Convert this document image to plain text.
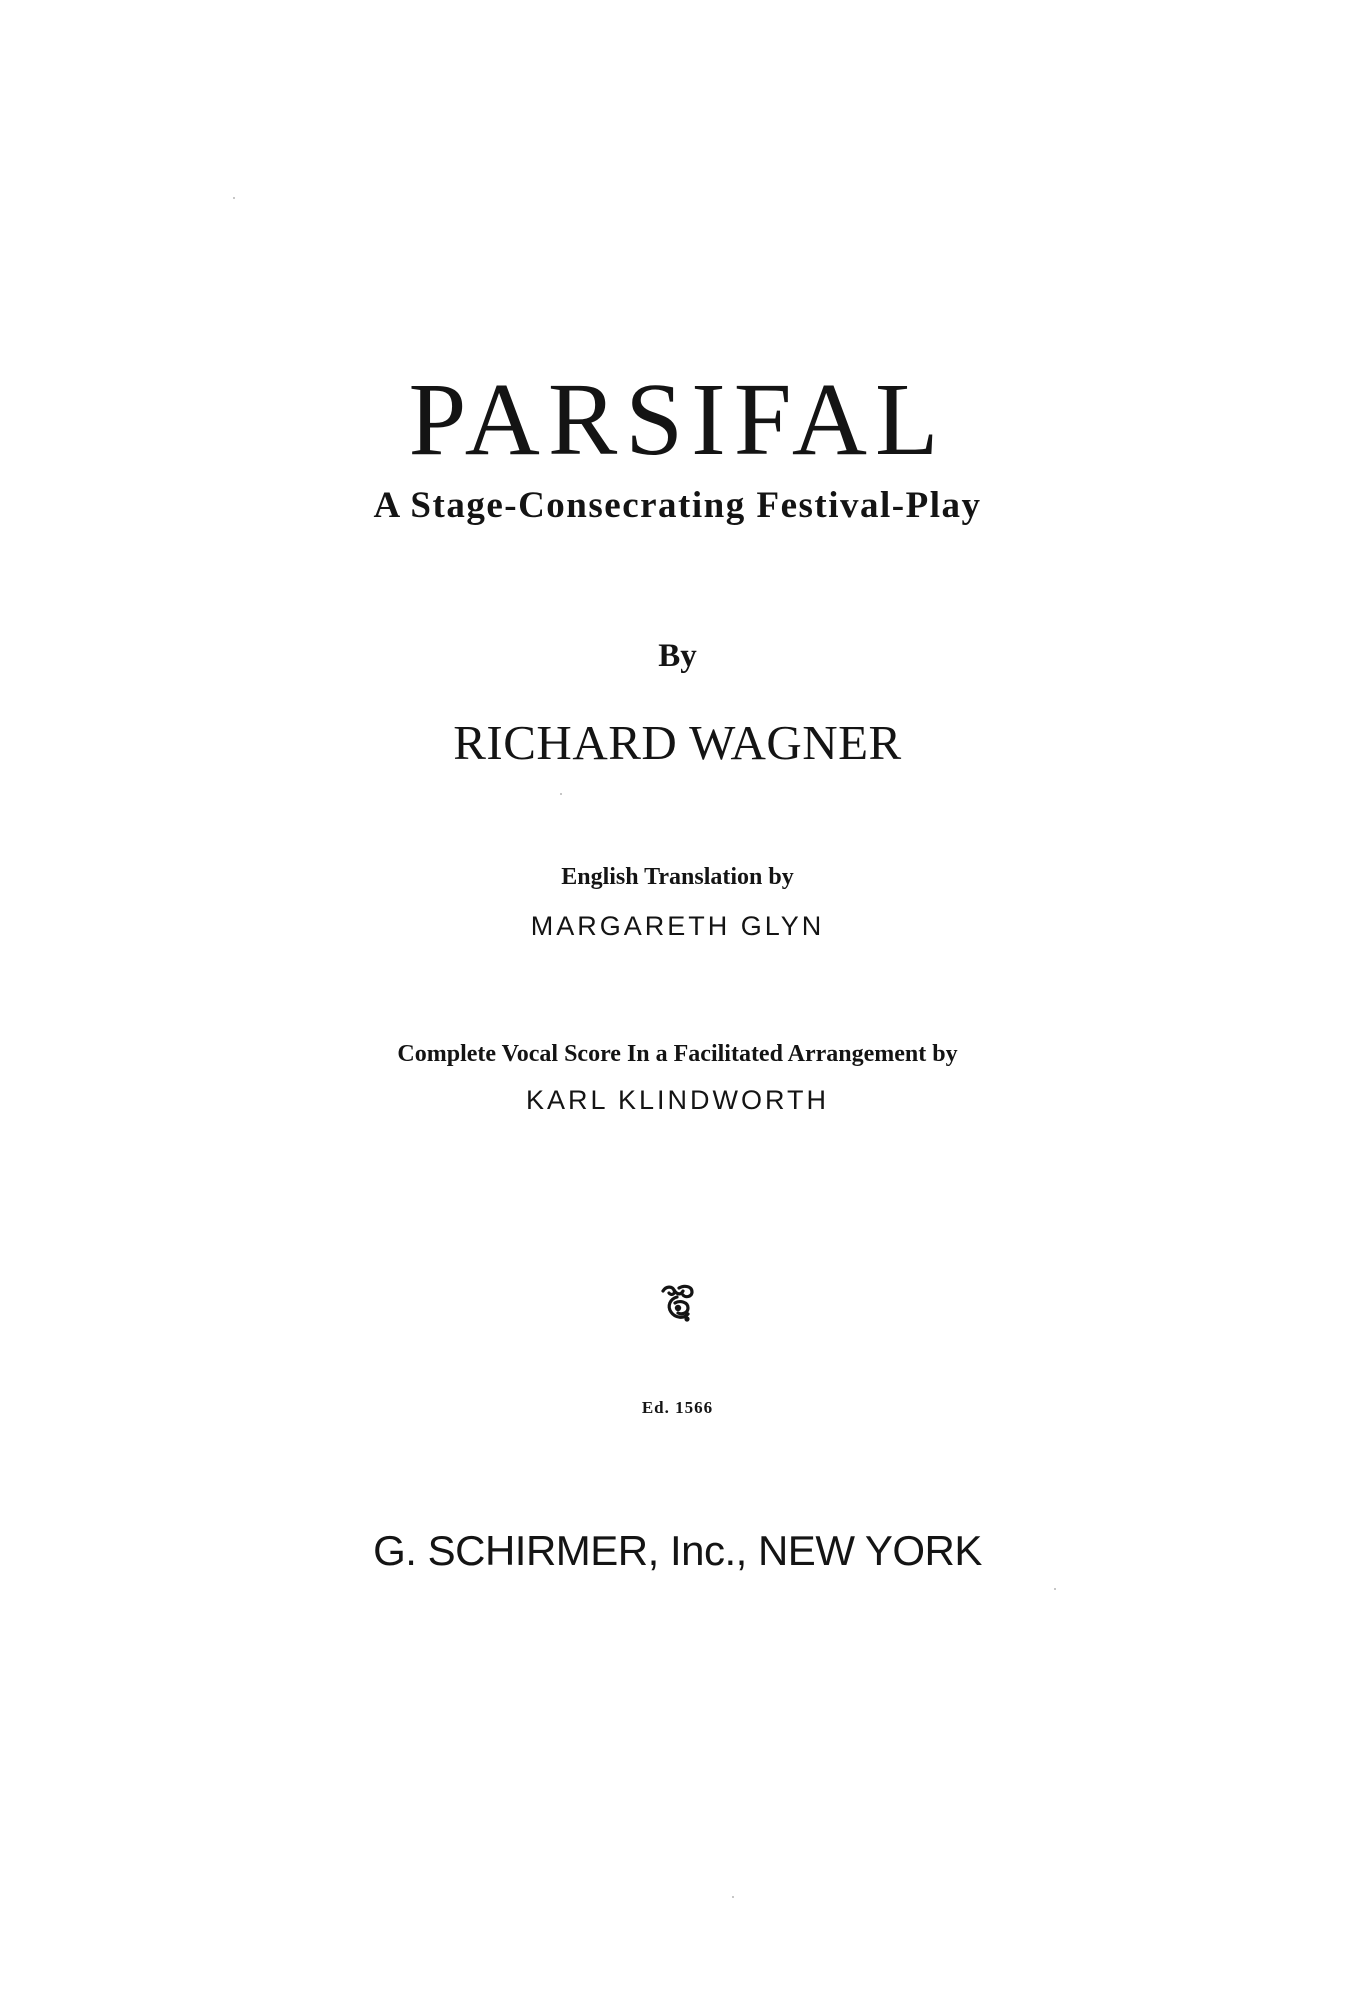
PARSIFAL
A Stage-Consecrating Festival-Play
By
RICHARD WAGNER
English Translation by
MARGARETH GLYN
Complete Vocal Score In a Facilitated Arrangement by
KARL KLINDWORTH
Ed. 1566
G. SCHIRMER, Inc., NEW YORK
